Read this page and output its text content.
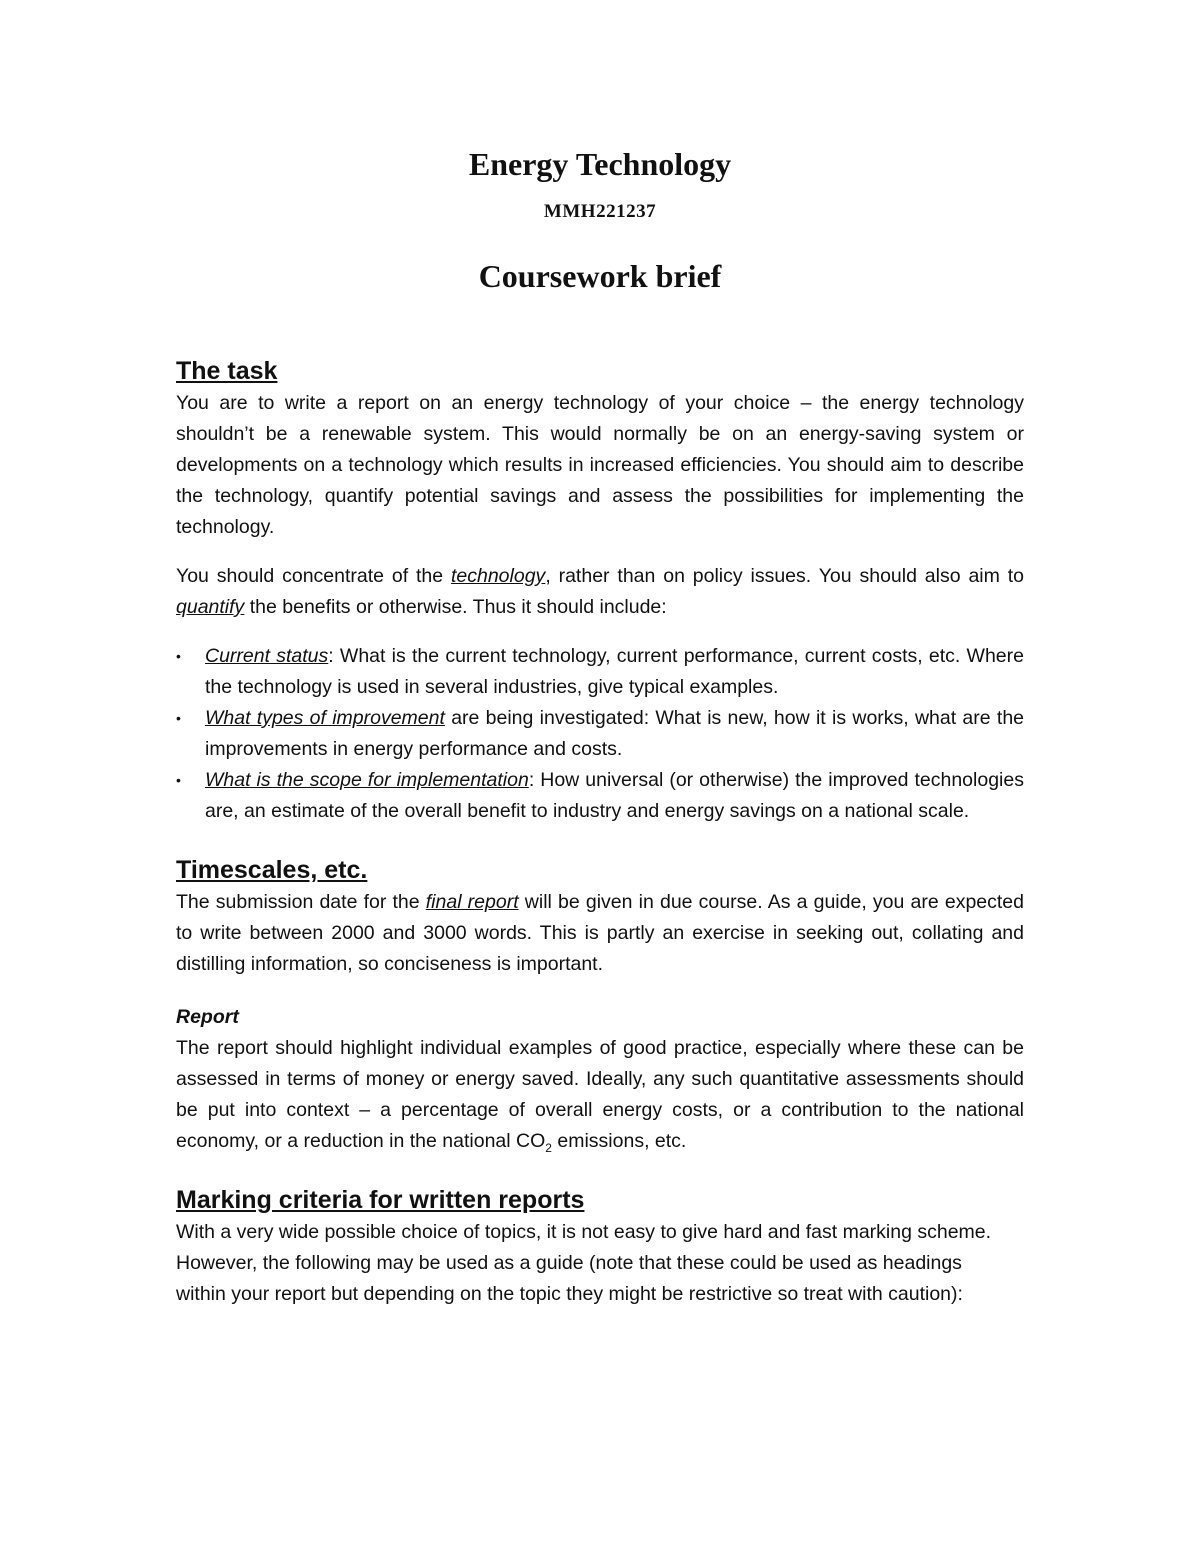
Energy Technology
MMH221237
Coursework brief
The task

You are to write a report on an energy technology of your choice – the energy technology shouldn’t be a renewable system. This would normally be on an energy-saving system or developments on a technology which results in increased efficiencies. You should aim to describe the technology, quantify potential savings and assess the possibilities for implementing the technology.

You should concentrate of the technology, rather than on policy issues. You should also aim to quantify the benefits or otherwise. Thus it should include:

• Current status: What is the current technology, current performance, current costs, etc. Where the technology is used in several industries, give typical examples.
• What types of improvement are being investigated: What is new, how it is works, what are the improvements in energy performance and costs.
• What is the scope for implementation: How universal (or otherwise) the improved technologies are, an estimate of the overall benefit to industry and energy savings on a national scale.
Timescales, etc.

The submission date for the final report will be given in due course. As a guide, you are expected to write between 2000 and 3000 words. This is partly an exercise in seeking out, collating and distilling information, so conciseness is important.

Report

The report should highlight individual examples of good practice, especially where these can be assessed in terms of money or energy saved. Ideally, any such quantitative assessments should be put into context – a percentage of overall energy costs, or a contribution to the national economy, or a reduction in the national $CO_2$ emissions, etc.

Marking criteria for written reports

With a very wide possible choice of topics, it is not easy to give hard and fast marking scheme. However, the following may be used as a guide (note that these could be used as headings within your report but depending on the topic they might be restrictive so treat with caution):
